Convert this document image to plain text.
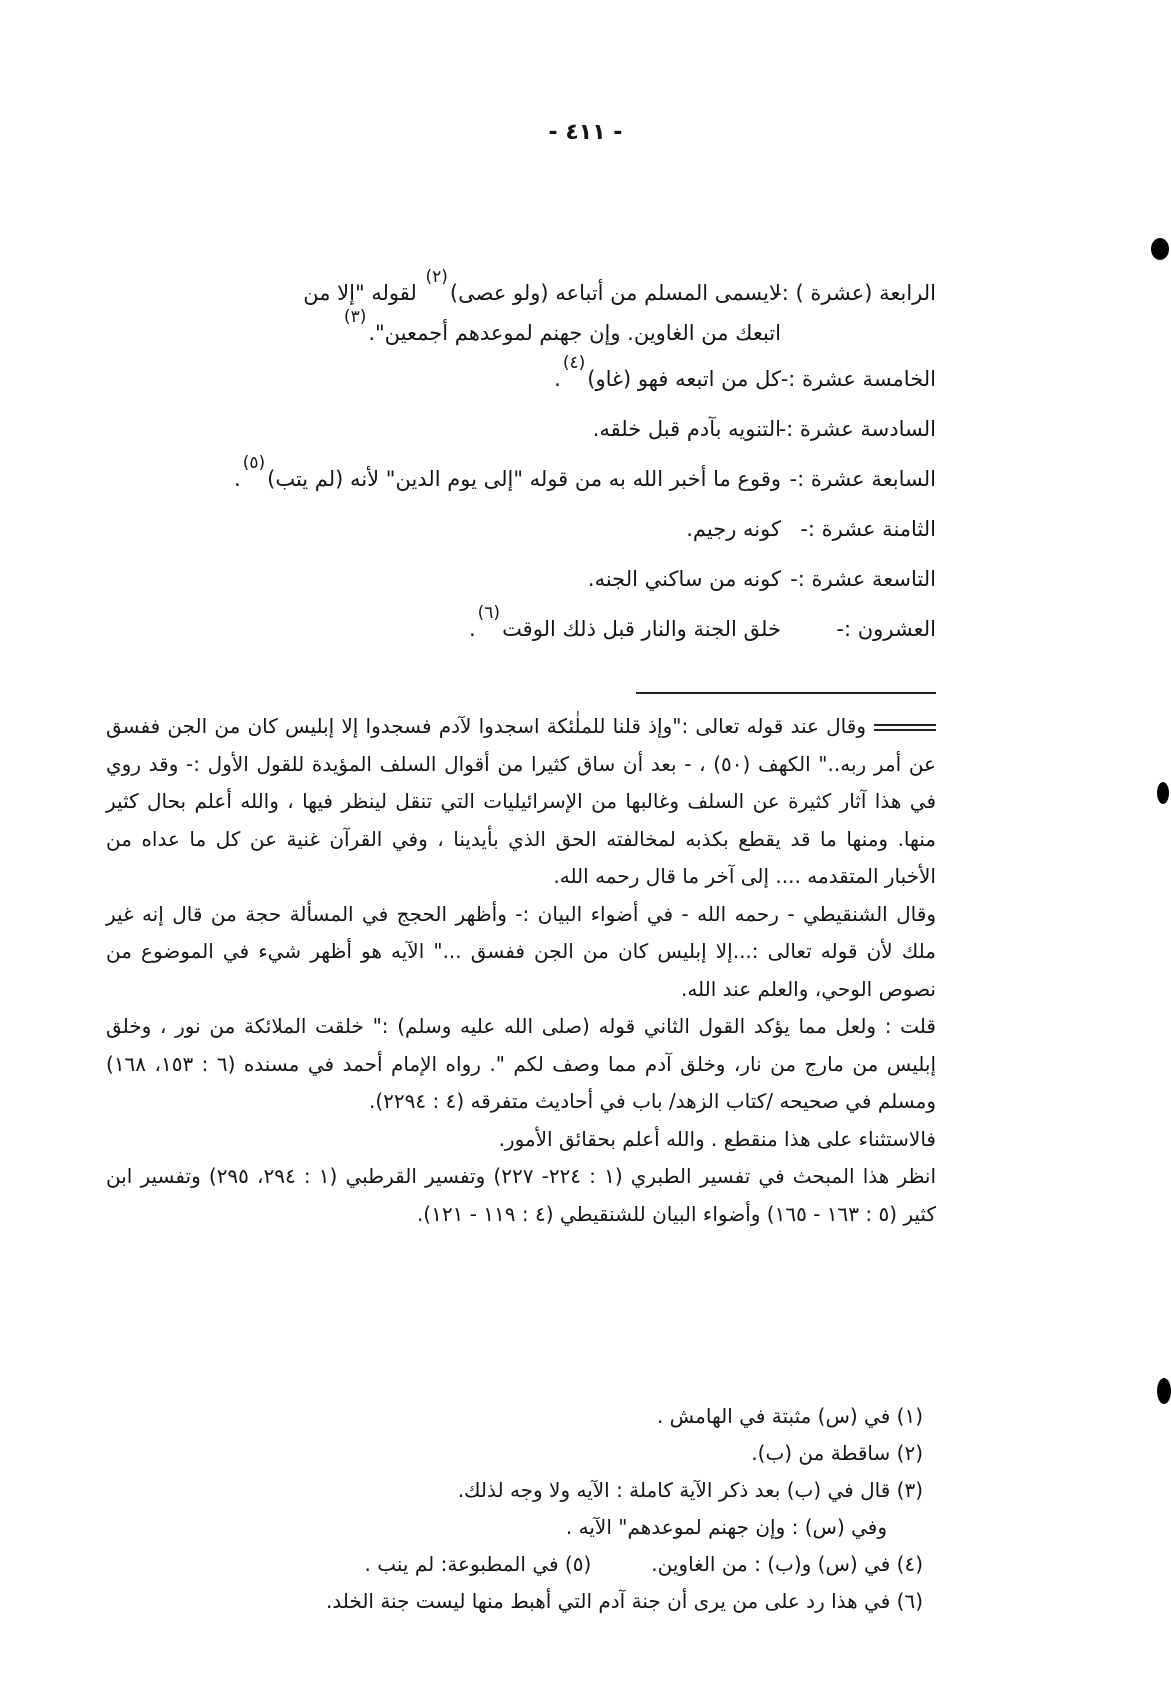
- ٤١١ -
الرابعة (عشرة ) :-
لايسمى المسلم من أتباعه (ولو عصى)$^{(٢)}$ لقوله "إلا من
اتبعك من الغاوين. وإن جهنم لموعدهم أجمعين".$^{(٣)}$
الخامسة عشرة :-
كل من اتبعه فهو (غاو)$^{(٤)}$.
السادسة عشرة :-
التنويه بآدم قبل خلقه.
السابعة عشرة :-
وقوع ما أخبر الله به من قوله "إلى يوم الدين" لأنه (لم يتب)$^{(٥)}$.
الثامنة عشرة :-
كونه رجيم.
التاسعة عشرة :-
كونه من ساكني الجنه.
العشرون :-
خلق الجنة والنار قبل ذلك الوقت$^{(٦)}$.

وقال عند قوله تعالى :"وإذ قلنا للملٰئكة اسجدوا لآدم فسجدوا إلا إبليس كان من الجن ففسق عن أمر ربه.." الكهف (٥٠) ، - بعد أن ساق كثيرا من أقوال السلف المؤيدة للقول الأول :- وقد روي في هذا آثار كثيرة عن السلف وغالبها من الإسرائيليات التي تنقل لينظر فيها ، والله أعلم بحال كثير منها. ومنها ما قد يقطع بكذبه لمخالفته الحق الذي بأيدينا ، وفي القرآن غنية عن كل ما عداه من الأخبار المتقدمه .... إلى آخر ما قال رحمه الله.

وقال الشنقيطي - رحمه الله - في أضواء البيان :- وأظهر الحجج في المسألة حجة من قال إنه غير ملك لأن قوله تعالى :...إلا إبليس كان من الجن ففسق ..." الآيه هو أظهر شيء في الموضوع من نصوص الوحي، والعلم عند الله.

قلت : ولعل مما يؤكد القول الثاني قوله (صلى الله عليه وسلم) :" خلقت الملائكة من نور ، وخلق إبليس من مارج من نار، وخلق آدم مما وصف لكم ". رواه الإمام أحمد في مسنده (٦ : ١٥٣، ١٦٨) ومسلم في صحيحه /كتاب الزهد/ باب في أحاديث متفرقه (٤ : ٢٢٩٤).

فالاستثناء على هذا منقطع . والله أعلم بحقائق الأمور.

انظر هذا المبحث في تفسير الطبري (١ : ٢٢٤- ٢٢٧) وتفسير القرطبي (١ : ٢٩٤، ٢٩٥) وتفسير ابن كثير (٥ : ١٦٣ - ١٦٥) وأضواء البيان للشنقيطي (٤ : ١١٩ - ١٢١).

(١) في (س) مثبتة في الهامش .

(٢) ساقطة من (ب).

(٣) قال في (ب) بعد ذكر الآية كاملة : الآيه ولا وجه لذلك.

وفي (س) : وإن جهنم لموعدهم" الآيه .

(٤) في (س) و(ب) : من الغاوين.(٥) في المطبوعة: لم ينب .

(٦) في هذا رد على من يرى أن جنة آدم التي أهبط منها ليست جنة الخلد.
